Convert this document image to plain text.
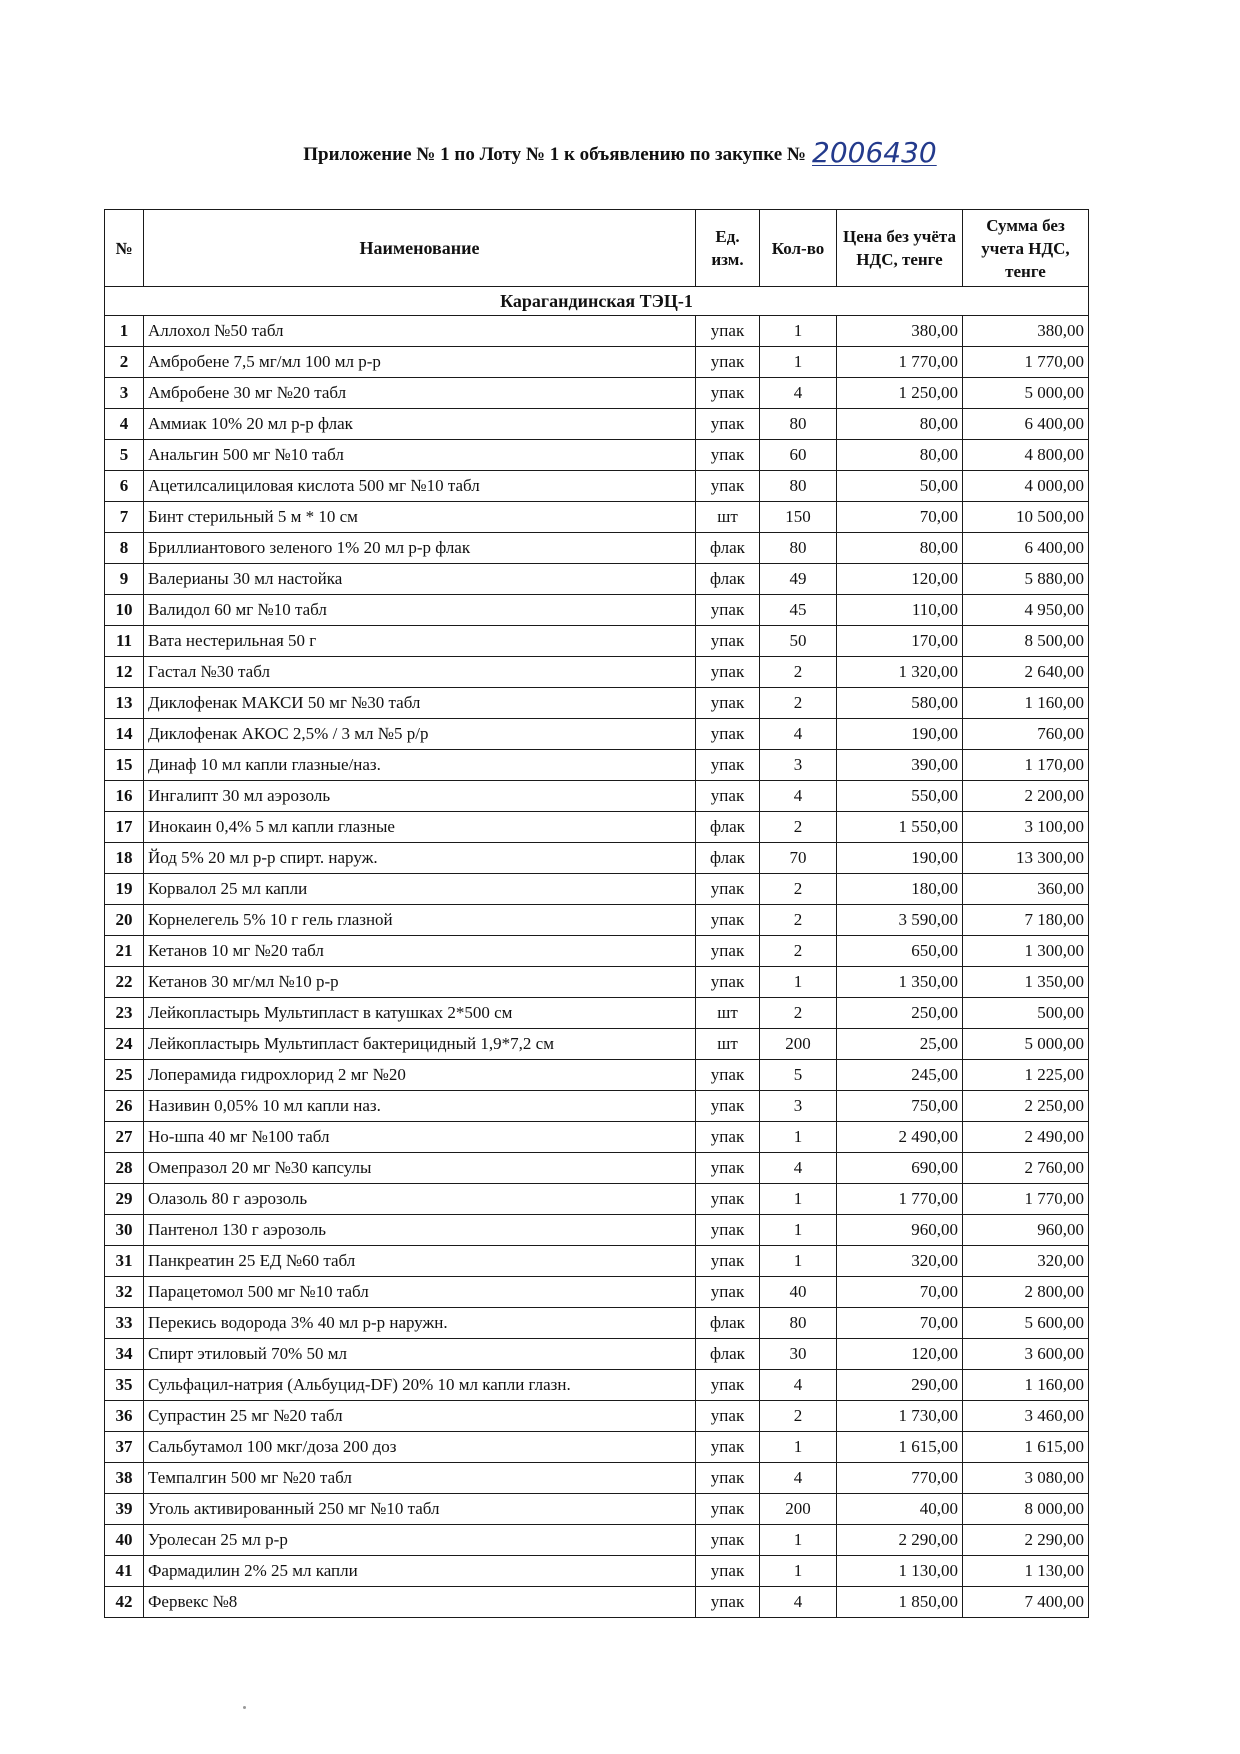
Приложение № 1 по Лоту № 1 к объявлению по закупке № 2006430
№	Наименование	Ед. изм.	Кол-во	Цена без учёта НДС, тенге	Сумма без учета НДС, тенге
Карагандинская ТЭЦ-1					
1	Аллохол №50 табл	упак	1	380,00	380,00
2	Амбробене 7,5 мг/мл 100 мл р-р	упак	1	1 770,00	1 770,00
3	Амбробене 30 мг №20 табл	упак	4	1 250,00	5 000,00
4	Аммиак 10% 20 мл р-р флак	упак	80	80,00	6 400,00
5	Анальгин 500 мг №10 табл	упак	60	80,00	4 800,00
6	Ацетилсалициловая кислота 500 мг №10 табл	упак	80	50,00	4 000,00
7	Бинт стерильный 5 м * 10 см	шт	150	70,00	10 500,00
8	Бриллиантового зеленого 1% 20 мл р-р флак	флак	80	80,00	6 400,00
9	Валерианы 30 мл настойка	флак	49	120,00	5 880,00
10	Валидол 60 мг №10 табл	упак	45	110,00	4 950,00
11	Вата нестерильная 50 г	упак	50	170,00	8 500,00
12	Гастал №30 табл	упак	2	1 320,00	2 640,00
13	Диклофенак МАКСИ 50 мг №30 табл	упак	2	580,00	1 160,00
14	Диклофенак АКОС 2,5% / 3 мл №5 р/р	упак	4	190,00	760,00
15	Динаф 10 мл капли глазные/наз.	упак	3	390,00	1 170,00
16	Ингалипт 30 мл аэрозоль	упак	4	550,00	2 200,00
17	Инокаин 0,4% 5 мл капли глазные	флак	2	1 550,00	3 100,00
18	Йод 5% 20 мл р-р спирт. наруж.	флак	70	190,00	13 300,00
19	Корвалол 25 мл капли	упак	2	180,00	360,00
20	Корнелегель 5% 10 г гель глазной	упак	2	3 590,00	7 180,00
21	Кетанов 10 мг №20 табл	упак	2	650,00	1 300,00
22	Кетанов 30 мг/мл №10 р-р	упак	1	1 350,00	1 350,00
23	Лейкопластырь Мультипласт в катушках 2*500 см	шт	2	250,00	500,00
24	Лейкопластырь Мультипласт бактерицидный 1,9*7,2 см	шт	200	25,00	5 000,00
25	Лоперамида гидрохлорид 2 мг №20	упак	5	245,00	1 225,00
26	Називин 0,05% 10 мл капли наз.	упак	3	750,00	2 250,00
27	Но-шпа 40 мг №100 табл	упак	1	2 490,00	2 490,00
28	Омепразол 20 мг №30 капсулы	упак	4	690,00	2 760,00
29	Олазоль 80 г аэрозоль	упак	1	1 770,00	1 770,00
30	Пантенол 130 г аэрозоль	упак	1	960,00	960,00
31	Панкреатин 25 ЕД №60 табл	упак	1	320,00	320,00
32	Парацетомол 500 мг №10 табл	упак	40	70,00	2 800,00
33	Перекись водорода 3% 40 мл р-р наружн.	флак	80	70,00	5 600,00
34	Спирт этиловый 70% 50 мл	флак	30	120,00	3 600,00
35	Сульфацил-натрия (Альбуцид-DF) 20% 10 мл капли глазн.	упак	4	290,00	1 160,00
36	Супрастин 25 мг №20 табл	упак	2	1 730,00	3 460,00
37	Сальбутамол 100 мкг/доза 200 доз	упак	1	1 615,00	1 615,00
38	Темпалгин 500 мг №20 табл	упак	4	770,00	3 080,00
39	Уголь активированный 250 мг №10 табл	упак	200	40,00	8 000,00
40	Уролесан 25 мл р-р	упак	1	2 290,00	2 290,00
41	Фармадилин 2% 25 мл капли	упак	1	1 130,00	1 130,00
42	Фервекс №8	упак	4	1 850,00	7 400,00
